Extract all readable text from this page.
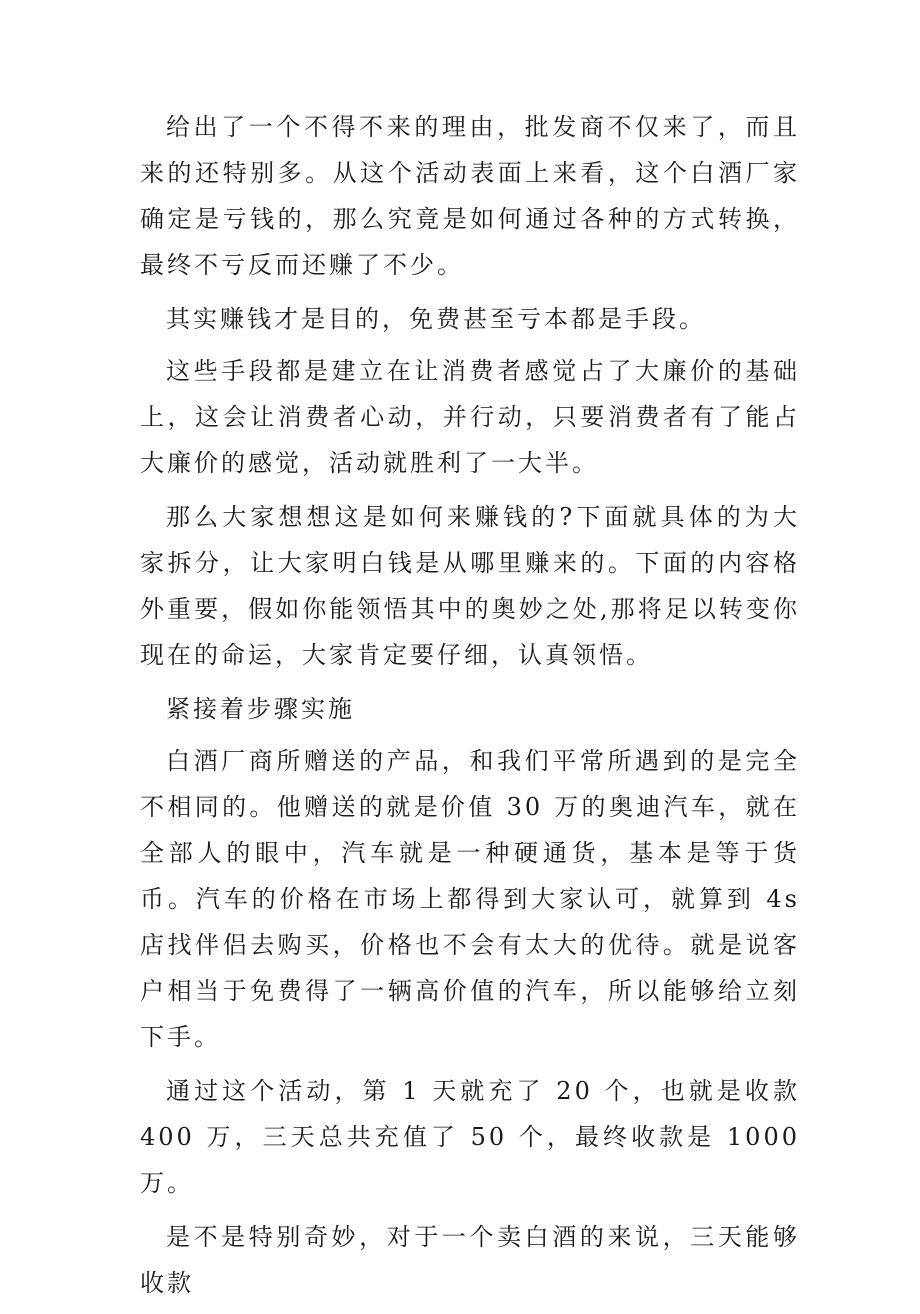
给出了一个不得不来的理由，批发商不仅来了，而且来的还特别多。从这个活动表面上来看，这个白酒厂家确定是亏钱的，那么究竟是如何通过各种的方式转换，最终不亏反而还赚了不少。

其实赚钱才是目的，免费甚至亏本都是手段。

这些手段都是建立在让消费者感觉占了大廉价的基础上，这会让消费者心动，并行动，只要消费者有了能占大廉价的感觉，活动就胜利了一大半。

那么大家想想这是如何来赚钱的?下面就具体的为大家拆分，让大家明白钱是从哪里赚来的。下面的内容格外重要，假如你能领悟其中的奥妙之处,那将足以转变你现在的命运，大家肯定要仔细，认真领悟。

紧接着步骤实施

白酒厂商所赠送的产品，和我们平常所遇到的是完全不相同的。他赠送的就是价值 30 万的奥迪汽车，就在全部人的眼中，汽车就是一种硬通货，基本是等于货币。汽车的价格在市场上都得到大家认可，就算到 4s 店找伴侣去购买，价格也不会有太大的优待。就是说客户相当于免费得了一辆高价值的汽车，所以能够给立刻下手。

通过这个活动，第 1 天就充了 20 个，也就是收款 400 万，三天总共充值了 50 个，最终收款是 1000 万。

是不是特别奇妙，对于一个卖白酒的来说，三天能够收款
